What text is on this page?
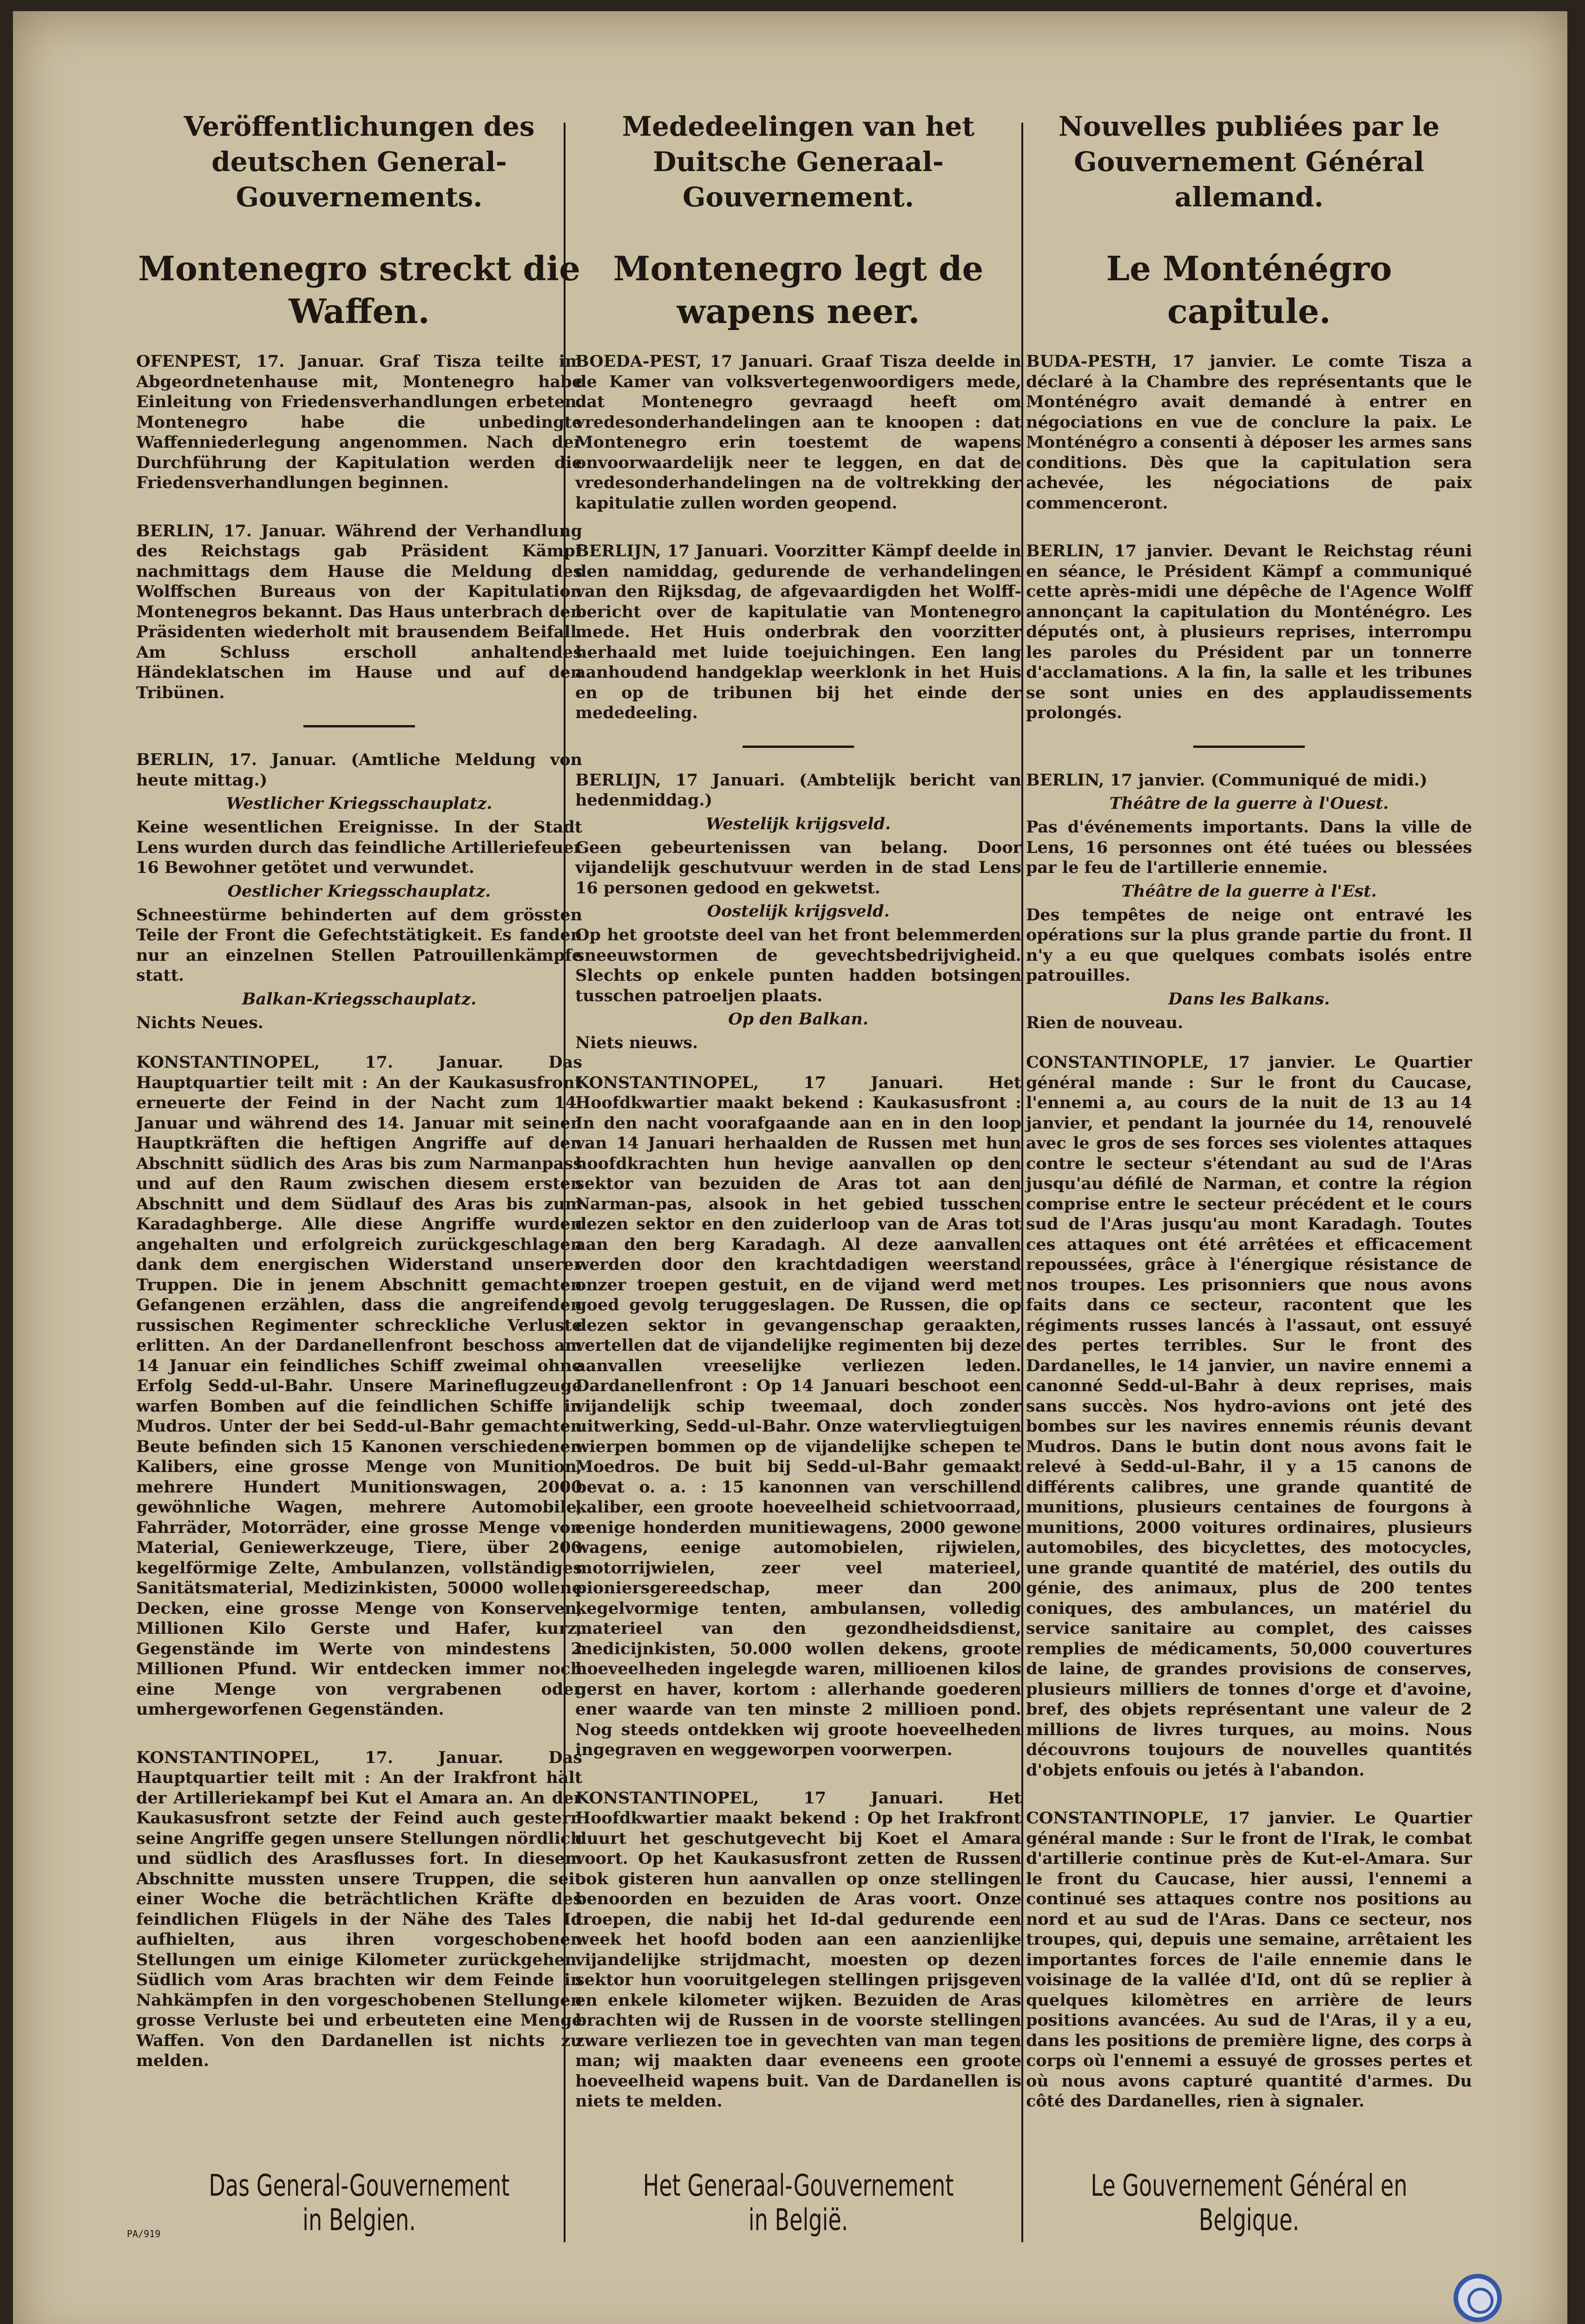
Veröffentlichungen des deutschen General-Gouvernements.
Montenegro streckt die Waffen.

OFENPEST, 17. Januar. Graf Tisza teilte im Abgeordnetenhause mit, Montenegro habe Einleitung von Friedensverhandlungen erbeten. Montenegro habe die unbedingte Waffenniederlegung angenommen. Nach der Durchführung der Kapitulation werden die Friedensverhandlungen beginnen.

BERLIN, 17. Januar. Während der Verhandlung des Reichstags gab Präsident Kämpf nachmittags dem Hause die Meldung des Wolffschen Bureaus von der Kapitulation Montenegros bekannt. Das Haus unterbrach den Präsidenten wiederholt mit brausendem Beifall. Am Schluss erscholl anhaltendes Händeklatschen im Hause und auf den Tribünen.

BERLIN, 17. Januar. (Amtliche Meldung von heute mittag.)

Westlicher Kriegsschauplatz.

Keine wesentlichen Ereignisse. In der Stadt Lens wurden durch das feindliche Artilleriefeuer 16 Bewohner getötet und verwundet.

Oestlicher Kriegsschauplatz.

Schneestürme behinderten auf dem grössten Teile der Front die Gefechtstätigkeit. Es fanden nur an einzelnen Stellen Patrouillenkämpfe statt.

Balkan-Kriegsschauplatz.

Nichts Neues.

KONSTANTINOPEL, 17. Januar. Das Hauptquartier teilt mit : An der Kaukasusfront erneuerte der Feind in der Nacht zum 14. Januar und während des 14. Januar mit seinen Hauptkräften die heftigen Angriffe auf den Abschnitt südlich des Aras bis zum Narmanpass und auf den Raum zwischen diesem ersten Abschnitt und dem Südlauf des Aras bis zum Karadaghberge. Alle diese Angriffe wurden angehalten und erfolgreich zurückgeschlagen dank dem energischen Widerstand unserer Truppen. Die in jenem Abschnitt gemachten Gefangenen erzählen, dass die angreifenden russischen Regimenter schreckliche Verluste erlitten. An der Dardanellenfront beschoss am 14 Januar ein feindliches Schiff zweimal ohne Erfolg Sedd-ul-Bahr. Unsere Marineflugzeuge warfen Bomben auf die feindlichen Schiffe in Mudros. Unter der bei Sedd-ul-Bahr gemachten Beute befinden sich 15 Kanonen verschiedenen Kalibers, eine grosse Menge von Munition, mehrere Hundert Munitionswagen, 2000 gewöhnliche Wagen, mehrere Automobile, Fahrräder, Motorräder, eine grosse Menge von Material, Geniewerkzeuge, Tiere, über 200 kegelförmige Zelte, Ambulanzen, vollständiges Sanitätsmaterial, Medizinkisten, 50000 wollene Decken, eine grosse Menge von Konserven, Millionen Kilo Gerste und Hafer, kurz, Gegenstände im Werte von mindestens 2 Millionen Pfund. Wir entdecken immer noch eine Menge von vergrabenen oder umhergeworfenen Gegenständen.

KONSTANTINOPEL, 17. Januar. Das Hauptquartier teilt mit : An der Irakfront hält der Artilleriekampf bei Kut el Amara an. An der Kaukasusfront setzte der Feind auch gestern seine Angriffe gegen unsere Stellungen nördlich und südlich des Arasflusses fort. In diesem Abschnitte mussten unsere Truppen, die seit einer Woche die beträchtlichen Kräfte des feindlichen Flügels in der Nähe des Tales Id aufhielten, aus ihren vorgeschobenen Stellungen um einige Kilometer zurückgehen. Südlich vom Aras brachten wir dem Feinde in Nahkämpfen in den vorgeschobenen Stellungen grosse Verluste bei und erbeuteten eine Menge Waffen. Von den Dardanellen ist nichts zu melden.

Das General-Gouvernement in Belgien.
Mededeelingen van het Duitsche Generaal-Gouvernement.
Montenegro legt de wapens neer.

BOEDA-PEST, 17 Januari. Graaf Tisza deelde in de Kamer van volksvertegenwoordigers mede, dat Montenegro gevraagd heeft om vredesonderhandelingen aan te knoopen : dat Montenegro erin toestemt de wapens onvoorwaardelijk neer te leggen, en dat de vredesonderhandelingen na de voltrekking der kapitulatie zullen worden geopend.

BERLIJN, 17 Januari. Voorzitter Kämpf deelde in den namiddag, gedurende de verhandelingen van den Rijksdag, de afgevaardigden het Wolff-bericht over de kapitulatie van Montenegro mede. Het Huis onderbrak den voorzitter herhaald met luide toejuichingen. Een lang aanhoudend handgeklap weerklonk in het Huis en op de tribunen bij het einde der mededeeling.

BERLIJN, 17 Januari. (Ambtelijk bericht van hedenmiddag.)

Westelijk krijgsveld.

Geen gebeurtenissen van belang. Door vijandelijk geschutvuur werden in de stad Lens 16 personen gedood en gekwetst.

Oostelijk krijgsveld.

Op het grootste deel van het front belemmerden sneeuwstormen de gevechtsbedrijvigheid. Slechts op enkele punten hadden botsingen tusschen patroeljen plaats.

Op den Balkan.

Niets nieuws.

KONSTANTINOPEL, 17 Januari. Het Hoofdkwartier maakt bekend : Kaukasusfront : In den nacht voorafgaande aan en in den loop van 14 Januari herhaalden de Russen met hun hoofdkrachten hun hevige aanvallen op den sektor van bezuiden de Aras tot aan den Narman-pas, alsook in het gebied tusschen dezen sektor en den zuiderloop van de Aras tot aan den berg Karadagh. Al deze aanvallen werden door den krachtdadigen weerstand onzer troepen gestuit, en de vijand werd met goed gevolg teruggeslagen. De Russen, die op dezen sektor in gevangenschap geraakten, vertellen dat de vijandelijke regimenten bij deze aanvallen vreeselijke verliezen leden. Dardanellenfront : Op 14 Januari beschoot een vijandelijk schip tweemaal, doch zonder uitwerking, Sedd-ul-Bahr. Onze watervliegtuigen wierpen bommen op de vijandelijke schepen te Moedros. De buit bij Sedd-ul-Bahr gemaakt bevat o. a. : 15 kanonnen van verschillend kaliber, een groote hoeveelheid schietvoorraad, eenige honderden munitiewagens, 2000 gewone wagens, eenige automobielen, rijwielen, motorrijwielen, zeer veel materieel, pioniersgereedschap, meer dan 200 kegelvormige tenten, ambulansen, volledig materieel van den gezondheidsdienst, medicijnkisten, 50.000 wollen dekens, groote hoeveelheden ingelegde waren, millioenen kilos gerst en haver, kortom : allerhande goederen ener waarde van ten minste 2 millioen pond. Nog steeds ontdekken wij groote hoeveelheden ingegraven en weggeworpen voorwerpen.

KONSTANTINOPEL, 17 Januari. Het Hoofdkwartier maakt bekend : Op het Irakfront duurt het geschutgevecht bij Koet el Amara voort. Op het Kaukasusfront zetten de Russen ook gisteren hun aanvallen op onze stellingen benoorden en bezuiden de Aras voort. Onze troepen, die nabij het Id-dal gedurende een week het hoofd boden aan een aanzienlijke vijandelijke strijdmacht, moesten op dezen sektor hun vooruitgelegen stellingen prijsgeven en enkele kilometer wijken. Bezuiden de Aras brachten wij de Russen in de voorste stellingen zware verliezen toe in gevechten van man tegen man; wij maakten daar eveneens een groote hoeveelheid wapens buit. Van de Dardanellen is niets te melden.

Het Generaal-Gouvernement in België.
Nouvelles publiées par le Gouvernement Général allemand.
Le Monténégro capitule.

BUDA-PESTH, 17 janvier. Le comte Tisza a déclaré à la Chambre des représentants que le Monténégro avait demandé à entrer en négociations en vue de conclure la paix. Le Monténégro a consenti à déposer les armes sans conditions. Dès que la capitulation sera achevée, les négociations de paix commenceront.

BERLIN, 17 janvier. Devant le Reichstag réuni en séance, le Président Kämpf a communiqué cette après-midi une dépêche de l'Agence Wolff annonçant la capitulation du Monténégro. Les députés ont, à plusieurs reprises, interrompu les paroles du Président par un tonnerre d'acclamations. A la fin, la salle et les tribunes se sont unies en des applaudissements prolongés.

BERLIN, 17 janvier. (Communiqué de midi.)

Théâtre de la guerre à l'Ouest.

Pas d'événements importants. Dans la ville de Lens, 16 personnes ont été tuées ou blessées par le feu de l'artillerie ennemie.

Théâtre de la guerre à l'Est.

Des tempêtes de neige ont entravé les opérations sur la plus grande partie du front. Il n'y a eu que quelques combats isolés entre patrouilles.

Dans les Balkans.

Rien de nouveau.

CONSTANTINOPLE, 17 janvier. Le Quartier général mande : Sur le front du Caucase, l'ennemi a, au cours de la nuit de 13 au 14 janvier, et pendant la journée du 14, renouvelé avec le gros de ses forces ses violentes attaques contre le secteur s'étendant au sud de l'Aras jusqu'au défilé de Narman, et contre la région comprise entre le secteur précédent et le cours sud de l'Aras jusqu'au mont Karadagh. Toutes ces attaques ont été arrêtées et efficacement repoussées, grâce à l'énergique résistance de nos troupes. Les prisonniers que nous avons faits dans ce secteur, racontent que les régiments russes lancés à l'assaut, ont essuyé des pertes terribles. Sur le front des Dardanelles, le 14 janvier, un navire ennemi a canonné Sedd-ul-Bahr à deux reprises, mais sans succès. Nos hydro-avions ont jeté des bombes sur les navires ennemis réunis devant Mudros. Dans le butin dont nous avons fait le relevé à Sedd-ul-Bahr, il y a 15 canons de différents calibres, une grande quantité de munitions, plusieurs centaines de fourgons à munitions, 2000 voitures ordinaires, plusieurs automobiles, des bicyclettes, des motocycles, une grande quantité de matériel, des outils du génie, des animaux, plus de 200 tentes coniques, des ambulances, un matériel du service sanitaire au complet, des caisses remplies de médicaments, 50,000 couvertures de laine, de grandes provisions de conserves, plusieurs milliers de tonnes d'orge et d'avoine, bref, des objets représentant une valeur de 2 millions de livres turques, au moins. Nous découvrons toujours de nouvelles quantités d'objets enfouis ou jetés à l'abandon.

CONSTANTINOPLE, 17 janvier. Le Quartier général mande : Sur le front de l'Irak, le combat d'artillerie continue près de Kut-el-Amara. Sur le front du Caucase, hier aussi, l'ennemi a continué ses attaques contre nos positions au nord et au sud de l'Aras. Dans ce secteur, nos troupes, qui, depuis une semaine, arrêtaient les importantes forces de l'aile ennemie dans le voisinage de la vallée d'Id, ont dû se replier à quelques kilomètres en arrière de leurs positions avancées. Au sud de l'Aras, il y a eu, dans les positions de première ligne, des corps à corps où l'ennemi a essuyé de grosses pertes et où nous avons capturé quantité d'armes. Du côté des Dardanelles, rien à signaler.

Le Gouvernement Général en Belgique.
PA/919
